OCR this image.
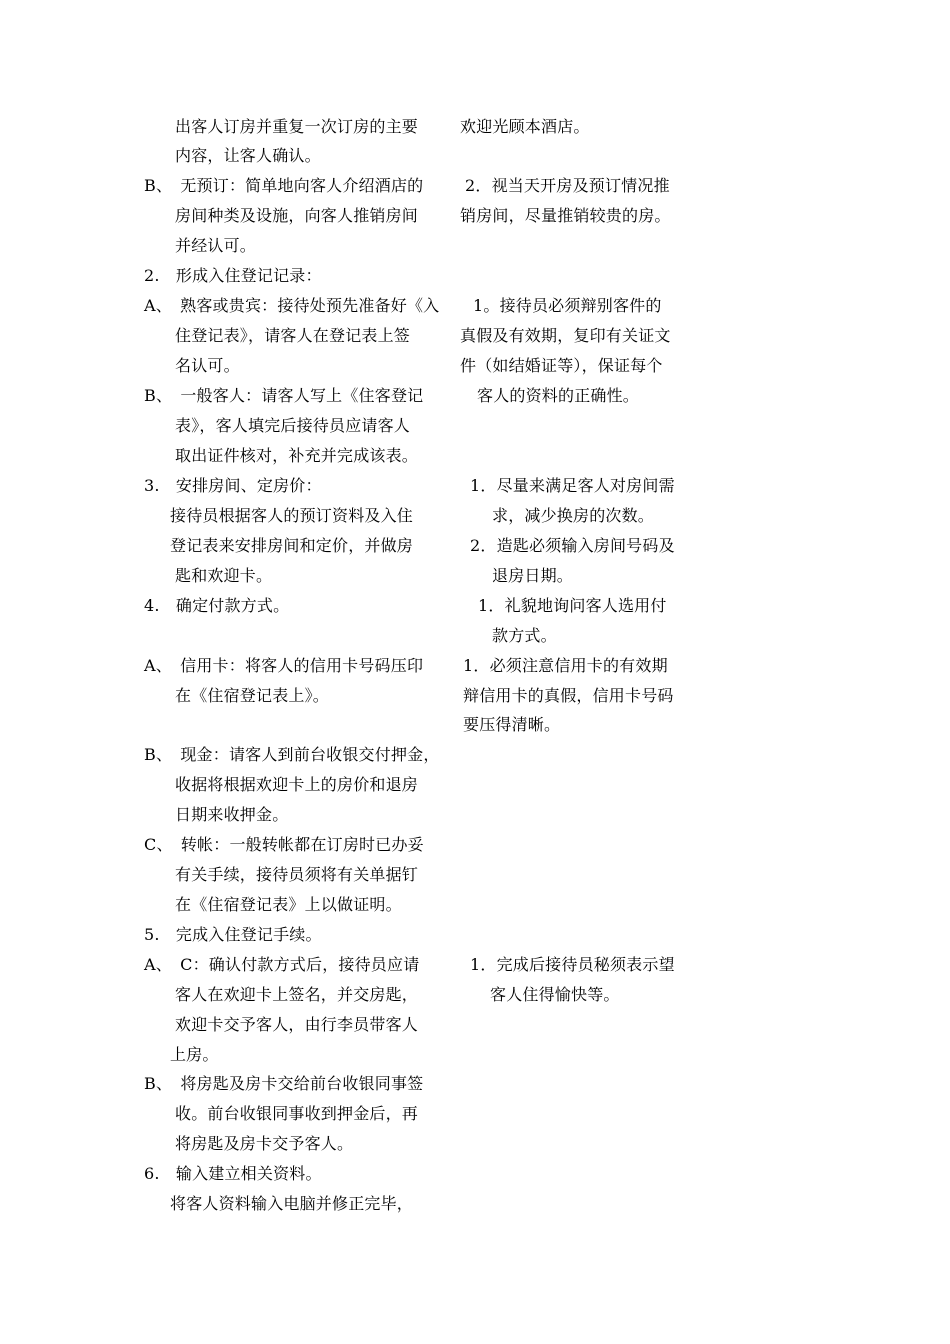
出客人订房并重复一次订房的主要
内容，让客人确认。
B、　无预订：简单地向客人介绍酒店的
房间种类及设施，向客人推销房间
并经认可。
2.　形成入住登记记录：
A、　熟客或贵宾：接待处预先准备好《入
住登记表》，请客人在登记表上签
名认可。
B、　一般客人：请客人写上《住客登记
表》，客人填完后接待员应请客人
取出证件核对，补充并完成该表。
3.　安排房间、定房价：
接待员根据客人的预订资料及入住
登记表来安排房间和定价，并做房
匙和欢迎卡。
4.　确定付款方式。
A、　信用卡：将客人的信用卡号码压印
在《住宿登记表上》。
B、　现金：请客人到前台收银交付押金，
收据将根据欢迎卡上的房价和退房
日期来收押金。
C、　转帐：一般转帐都在订房时已办妥
有关手续，接待员须将有关单据钉
在《住宿登记表》上以做证明。
5.　完成入住登记手续。
A、　C：确认付款方式后，接待员应请
客人在欢迎卡上签名，并交房匙，
欢迎卡交予客人，由行李员带客人
上房。
B、　将房匙及房卡交给前台收银同事签
收。前台收银同事收到押金后，再
将房匙及房卡交予客人。
6.　输入建立相关资料。
将客人资料输入电脑并修正完毕，
欢迎光顾本酒店。
2．视当天开房及预订情况推
销房间，尽量推销较贵的房。
1。接待员必须辩别客件的
真假及有效期，复印有关证文
件（如结婚证等），保证每个
客人的资料的正确性。
1．尽量来满足客人对房间需
求，减少换房的次数。
2．造匙必须输入房间号码及
退房日期。
1．礼貌地询问客人选用付
款方式。
1．必须注意信用卡的有效期
辩信用卡的真假，信用卡号码
要压得清晰。
1．完成后接待员秘须表示望
客人住得愉快等。
